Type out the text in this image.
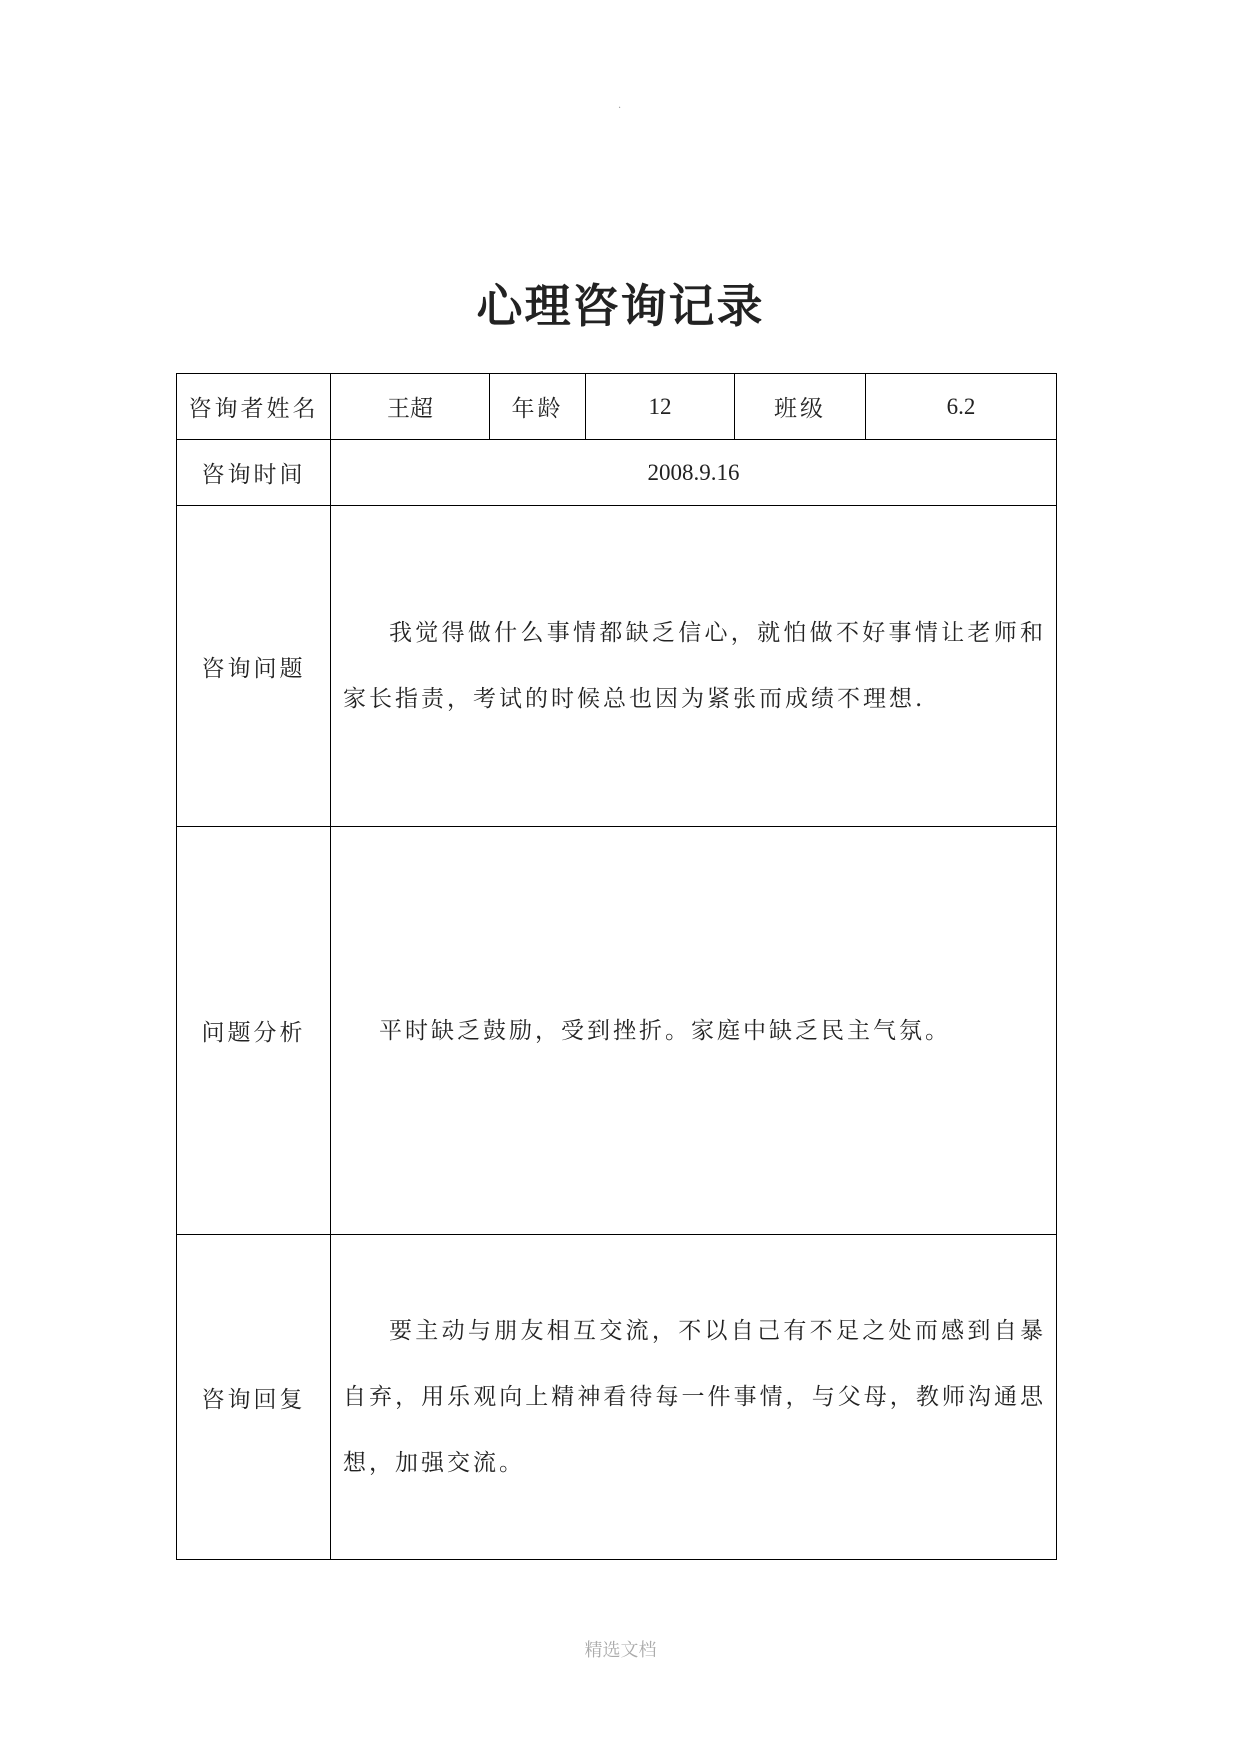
.
心理咨询记录
咨询者姓名	王超	年龄	12	班级	6.2
咨询时间	2008.9.16				
咨询问题	我觉得做什么事情都缺乏信心，就怕做不好事情让老师和家长指责，考试的时候总也因为紧张而成绩不理想.				

问题分析	平时缺乏鼓励，受到挫折。家庭中缺乏民主气氛。				

咨询回复	要主动与朋友相互交流，不以自己有不足之处而感到自暴自弃，用乐观向上精神看待每一件事情，与父母，教师沟通思想，加强交流。				
精选文档
